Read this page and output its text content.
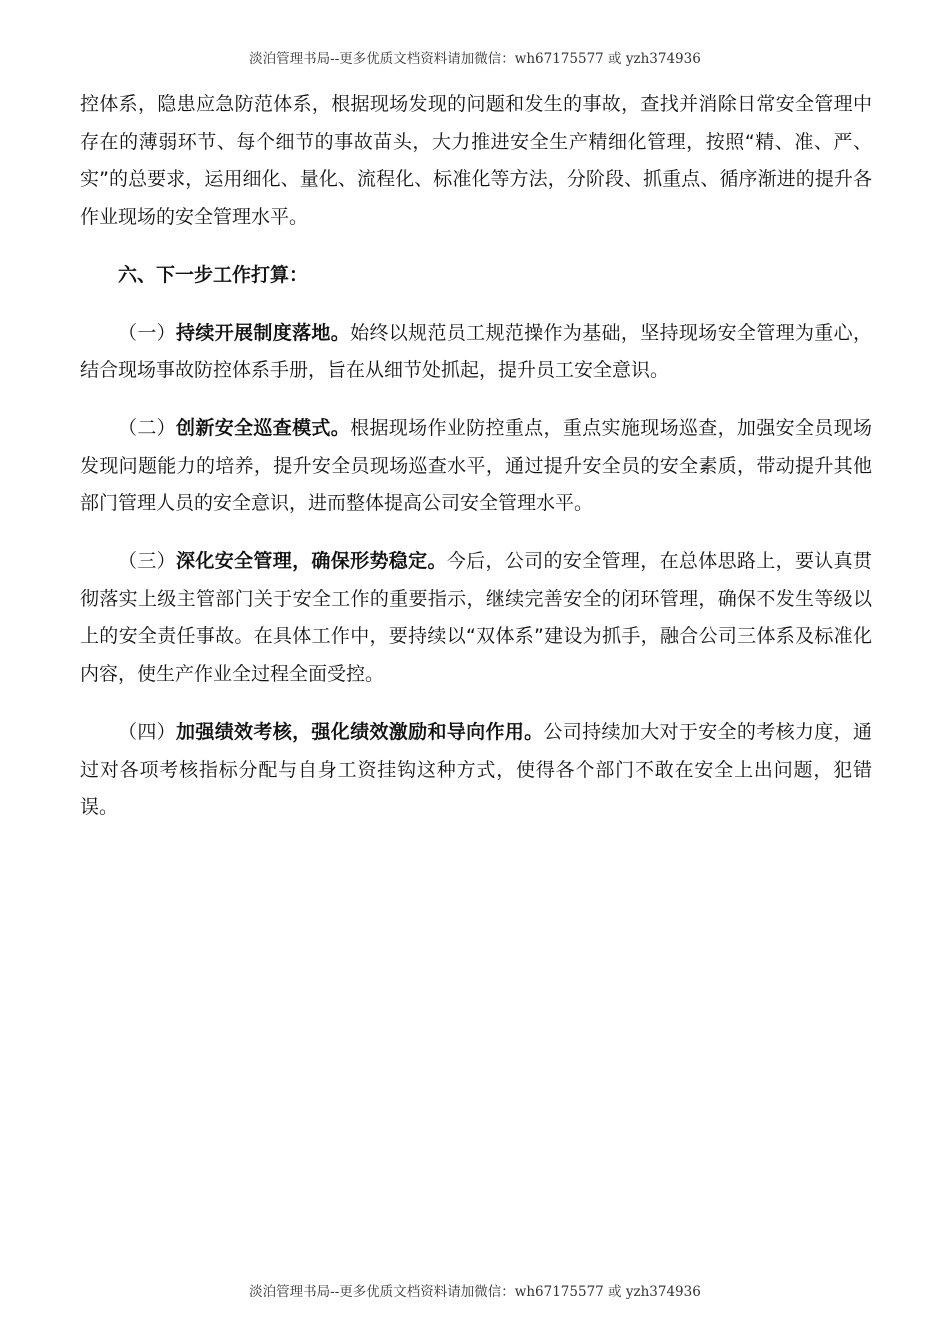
淡泊管理书局--更多优质文档资料请加微信：wh67175577 或 yzh374936

控体系，隐患应急防范体系，根据现场发现的问题和发生的事故，查找并消除日常安全管理中存在的薄弱环节、每个细节的事故苗头，大力推进安全生产精细化管理，按照“精、准、严、实”的总要求，运用细化、量化、流程化、标准化等方法，分阶段、抓重点、循序渐进的提升各作业现场的安全管理水平。

六、下一步工作打算：

（一）持续开展制度落地。始终以规范员工规范操作为基础，坚持现场安全管理为重心，结合现场事故防控体系手册，旨在从细节处抓起，提升员工安全意识。

（二）创新安全巡查模式。根据现场作业防控重点，重点实施现场巡查，加强安全员现场发现问题能力的培养，提升安全员现场巡查水平，通过提升安全员的安全素质，带动提升其他部门管理人员的安全意识，进而整体提高公司安全管理水平。

（三）深化安全管理，确保形势稳定。今后，公司的安全管理，在总体思路上，要认真贯彻落实上级主管部门关于安全工作的重要指示，继续完善安全的闭环管理，确保不发生等级以上的安全责任事故。在具体工作中，要持续以“双体系”建设为抓手，融合公司三体系及标准化内容，使生产作业全过程全面受控。

（四）加强绩效考核，强化绩效激励和导向作用。公司持续加大对于安全的考核力度，通过对各项考核指标分配与自身工资挂钩这种方式，使得各个部门不敢在安全上出问题，犯错误。

淡泊管理书局--更多优质文档资料请加微信：wh67175577 或 yzh374936
